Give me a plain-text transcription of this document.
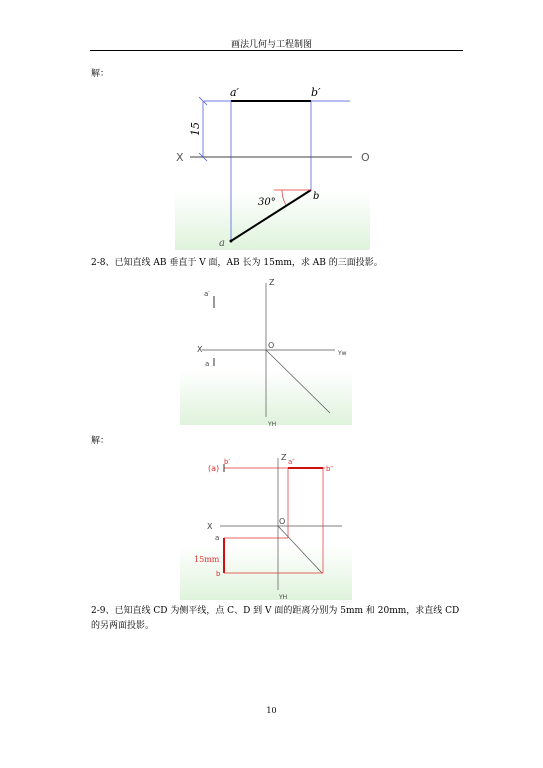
画法几何与工程制图
解：
a′	b′
X	O
15
b
a
30°
2-8、已知直线 AB 垂直于 V 面，AB 长为 15mm，求 AB 的三面投影。
Z
a′
X	O
Yw
a
YH
解：
Z
(a)
b′	a″
b″
X
O
a
15mm
b
YH
2-9、已知直线 CD 为侧平线，点 C、D 到 V 面的距离分别为 5mm 和 20mm，求直线 CD 的另两面投影。
10
